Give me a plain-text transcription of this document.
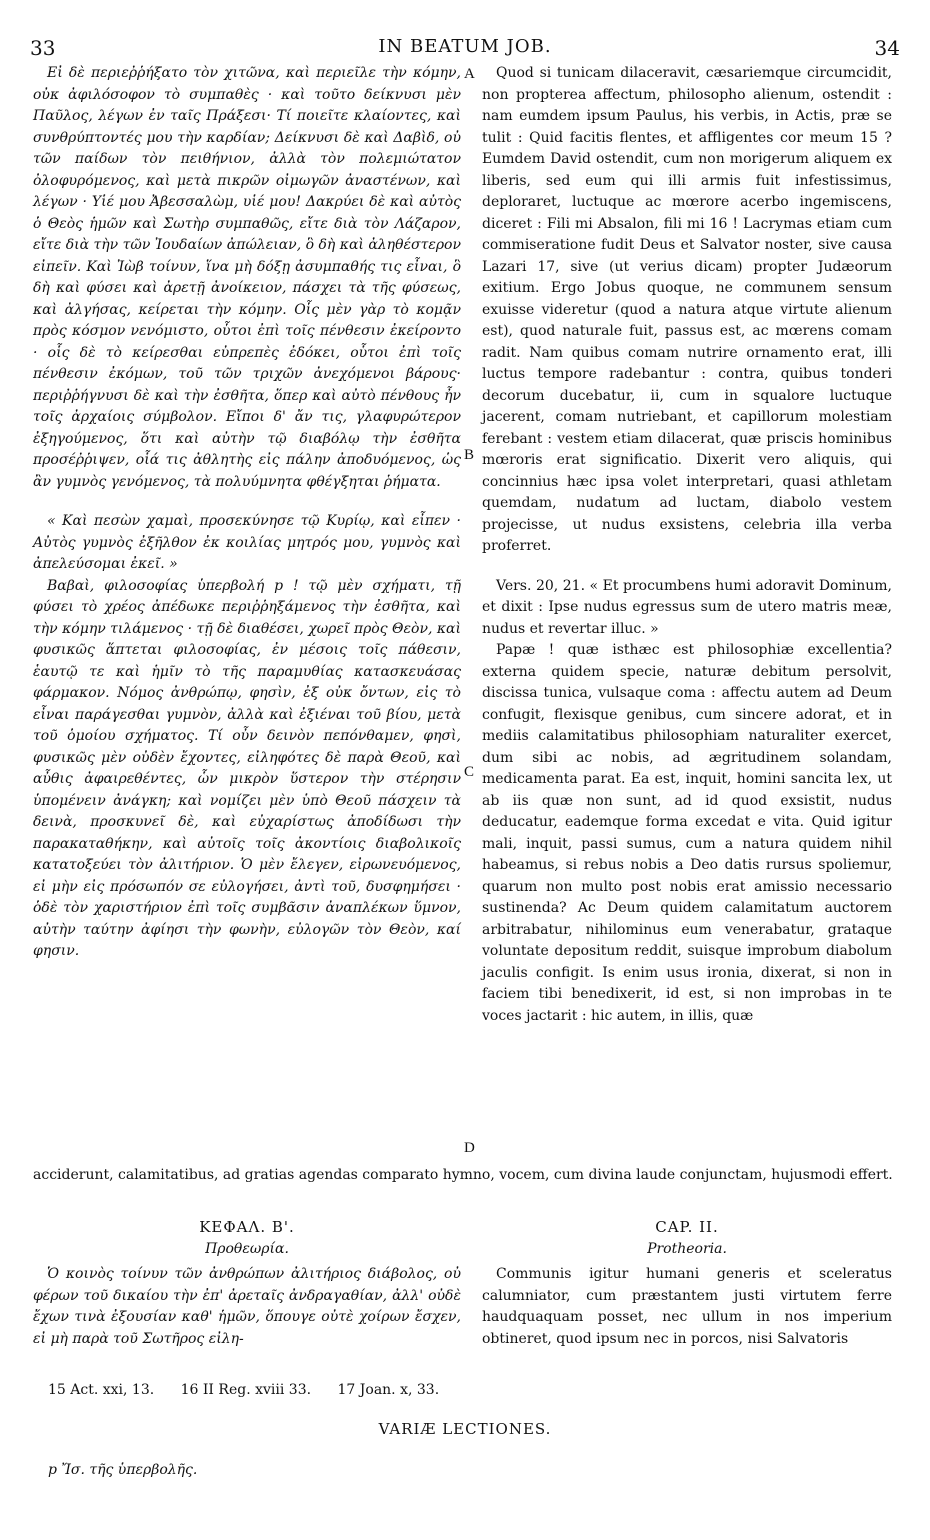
33	IN BEATUM JOB.	34

Εἰ δὲ περιεῤῥήξατο τὸν χιτῶνα, καὶ περιεῖλε τὴν κόμην, οὐκ ἀφιλόσοφον τὸ συμπαθὲς · καὶ τοῦτο δείκνυσι μὲν Παῦλος, λέγων ἐν ταῖς Πράξεσι· Τί ποιεῖτε κλαίοντες, καὶ συνθρύπτοντές μου τὴν καρδίαν; Δείκνυσι δὲ καὶ Δαβὶδ, οὐ τῶν παίδων τὸν πειθήνιον, ἀλλὰ τὸν πολεμιώτατον ὀλοφυρόμενος, καὶ μετὰ πικρῶν οἰμωγῶν ἀναστένων, καὶ λέγων · Υἱέ μου Ἀβεσσαλὼμ, υἱέ μου! Δακρύει δὲ καὶ αὐτὸς ὁ Θεὸς ἡμῶν καὶ Σωτὴρ συμπαθῶς, εἴτε διὰ τὸν Λάζαρον, εἴτε διὰ τὴν τῶν Ἰουδαίων ἀπώλειαν, ὃ δὴ καὶ ἀληθέστερον εἰπεῖν. Καὶ Ἰὼβ τοίνυν, ἵνα μὴ δόξῃ ἀσυμπαθής τις εἶναι, ὃ δὴ καὶ φύσει καὶ ἀρετῇ ἀνοίκειον, πάσχει τὰ τῆς φύσεως, καὶ ἀλγήσας, κείρεται τὴν κόμην. Οἷς μὲν γὰρ τὸ κομᾷν πρὸς κόσμον νενόμιστο, οὗτοι ἐπὶ τοῖς πένθεσιν ἐκείροντο · οἷς δὲ τὸ κείρεσθαι εὐπρεπὲς ἐδόκει, οὗτοι ἐπὶ τοῖς πένθεσιν ἐκόμων, τοῦ τῶν τριχῶν ἀνεχόμενοι βάρους· περιῤῥήγνυσι δὲ καὶ τὴν ἐσθῆτα, ὅπερ καὶ αὐτὸ πένθους ἦν τοῖς ἀρχαίοις σύμβολον. Εἴποι δ' ἄν τις, γλαφυρώτερον ἐξηγούμενος, ὅτι καὶ αὐτὴν τῷ διαβόλῳ τὴν ἐσθῆτα προσέῤῥιψεν, οἷά τις ἀθλητὴς εἰς πάλην ἀποδυόμενος, ὡς ἂν γυμνὸς γενόμενος, τὰ πολυύμνητα φθέγξηται ῥήματα.

« Καὶ πεσὼν χαμαὶ, προσεκύνησε τῷ Κυρίῳ, καὶ εἶπεν · Αὐτὸς γυμνὸς ἐξῆλθον ἐκ κοιλίας μητρός μου, γυμνὸς καὶ ἀπελεύσομαι ἐκεῖ. »

Βαβαὶ, φιλοσοφίας ὑπερβολή p ! τῷ μὲν σχήματι, τῇ φύσει τὸ χρέος ἀπέδωκε περιῤῥηξάμενος τὴν ἐσθῆτα, καὶ τὴν κόμην τιλάμενος · τῇ δὲ διαθέσει, χωρεῖ πρὸς Θεὸν, καὶ φυσικῶς ἅπτεται φιλοσοφίας, ἐν μέσοις τοῖς πάθεσιν, ἑαυτῷ τε καὶ ἡμῖν τὸ τῆς παραμυθίας κατασκευάσας φάρμακον. Νόμος ἀνθρώπῳ, φησὶν, ἐξ οὐκ ὄντων, εἰς τὸ εἶναι παράγεσθαι γυμνὸν, ἀλλὰ καὶ ἐξιέναι τοῦ βίου, μετὰ τοῦ ὁμοίου σχήματος. Τί οὖν δεινὸν πεπόνθαμεν, φησὶ, φυσικῶς μὲν οὐδὲν ἔχοντες, εἰληφότες δὲ παρὰ Θεοῦ, καὶ αὖθις ἀφαιρεθέντες, ὧν μικρὸν ὕστερον τὴν στέρησιν ὑπομένειν ἀνάγκη; καὶ νομίζει μὲν ὑπὸ Θεοῦ πάσχειν τὰ δεινὰ, προσκυνεῖ δὲ, καὶ εὐχαρίστως ἀποδίδωσι τὴν παρακαταθήκην, καὶ αὐτοῖς τοῖς ἀκοντίοις διαβολικοῖς κατατοξεύει τὸν ἀλιτήριον. Ὁ μὲν ἔλεγεν, εἰρωνευόμενος, εἰ μὴν εἰς πρόσωπόν σε εὐλογήσει, ἀντὶ τοῦ, δυσφημήσει · ὁδὲ τὸν χαριστήριον ἐπὶ τοῖς συμβᾶσιν ἀναπλέκων ὕμνον, αὐτὴν ταύτην ἀφίησι τὴν φωνὴν, εὐλογῶν τὸν Θεὸν, καί φησιν.

Quod si tunicam dilaceravit, cæsariemque circumcidit, non propterea affectum, philosopho alienum, ostendit : nam eumdem ipsum Paulus, his verbis, in Actis, præ se tulit : Quid facitis flentes, et affligentes cor meum 15 ? Eumdem David ostendit, cum non morigerum aliquem ex liberis, sed eum qui illi armis fuit infestissimus, deploraret, luctuque ac mœrore acerbo ingemiscens, diceret : Fili mi Absalon, fili mi 16 ! Lacrymas etiam cum commiseratione fudit Deus et Salvator noster, sive causa Lazari 17, sive (ut verius dicam) propter Judæorum exitium. Ergo Jobus quoque, ne communem sensum exuisse videretur (quod a natura atque virtute alienum est), quod naturale fuit, passus est, ac mœrens comam radit. Nam quibus comam nutrire ornamento erat, illi luctus tempore radebantur : contra, quibus tonderi decorum ducebatur, ii, cum in squalore luctuque jacerent, comam nutriebant, et capillorum molestiam ferebant : vestem etiam dilacerat, quæ priscis hominibus mœroris erat significatio. Dixerit vero aliquis, qui concinnius hæc ipsa volet interpretari, quasi athletam quemdam, nudatum ad luctam, diabolo vestem projecisse, ut nudus exsistens, celebria illa verba proferret.

Vers. 20, 21. « Et procumbens humi adoravit Dominum, et dixit : Ipse nudus egressus sum de utero matris meæ, nudus et revertar illuc. »

Papæ ! quæ isthæc est philosophiæ excellentia? externa quidem specie, naturæ debitum persolvit, discissa tunica, vulsaque coma : affectu autem ad Deum confugit, flexisque genibus, cum sincere adorat, et in mediis calamitatibus philosophiam naturaliter exercet, dum sibi ac nobis, ad ægritudinem solandam, medicamenta parat. Ea est, inquit, homini sancita lex, ut ab iis quæ non sunt, ad id quod exsistit, nudus deducatur, eademque forma excedat e vita. Quid igitur mali, inquit, passi sumus, cum a natura quidem nihil habeamus, si rebus nobis a Deo datis rursus spoliemur, quarum non multo post nobis erat amissio necessario sustinenda? Ac Deum quidem calamitatum auctorem arbitrabatur, nihilominus eum venerabatur, grataque voluntate depositum reddit, suisque improbum diabolum jaculis configit. Is enim usus ironia, dixerat, si non in faciem tibi benedixerit, id est, si non improbas in te voces jactarit : hic autem, in illis, quæ

A
B
C
D
acciderunt, calamitatibus, ad gratias agendas comparato hymno, vocem, cum divina laude conjunctam, hujusmodi effert.
ΚΕΦΑΛ. Β'.
Προθεωρία.
CAP. II.
Protheoria.

Ὁ κοινὸς τοίνυν τῶν ἀνθρώπων ἀλιτήριος διάβολος, οὐ φέρων τοῦ δικαίου τὴν ἐπ' ἀρεταῖς ἀνδραγαθίαν, ἀλλ' οὐδὲ ἔχων τινὰ ἐξουσίαν καθ' ἡμῶν, ὅπουγε οὐτὲ χοίρων ἔσχεν, εἰ μὴ παρὰ τοῦ Σωτῆρος εἰλη-

Communis igitur humani generis et sceleratus calumniator, cum præstantem justi virtutem ferre haudquaquam posset, nec ullum in nos imperium obtineret, quod ipsum nec in porcos, nisi Salvatoris

15 Act. xxi, 13. 16 II Reg. xviii 33. 17 Joan. x, 33.
VARIÆ LECTIONES.
p Ἴσ. τῆς ὑπερβολῆς.
